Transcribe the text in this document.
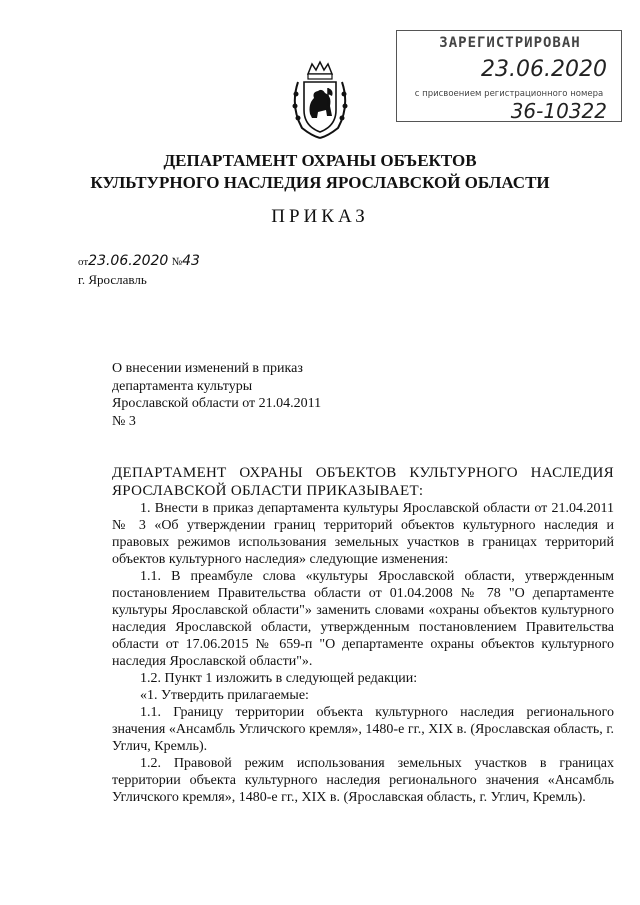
ЗАРЕГИСТРИРОВАН
23.06.2020
с присвоением регистрационного номера
36-10322
ДЕПАРТАМЕНТ ОХРАНЫ ОБЪЕКТОВ
КУЛЬТУРНОГО НАСЛЕДИЯ ЯРОСЛАВСКОЙ ОБЛАСТИ
ПРИКАЗ
от23.06.2020 №43
г. Ярославль
О внесении изменений в приказ
департамента культуры
Ярославской области от 21.04.2011
№ 3

ДЕПАРТАМЕНТ ОХРАНЫ ОБЪЕКТОВ КУЛЬТУРНОГО НАСЛЕДИЯ ЯРОСЛАВСКОЙ ОБЛАСТИ ПРИКАЗЫВАЕТ:

1. Внести в приказ департамента культуры Ярославской области от 21.04.2011 № 3 «Об утверждении границ территорий объектов культурного наследия и правовых режимов использования земельных участков в границах территорий объектов культурного наследия» следующие изменения:

1.1. В преамбуле слова «культуры Ярославской области, утвержденным постановлением Правительства области от 01.04.2008 № 78 "О департаменте культуры Ярославской области"» заменить словами «охраны объектов культурного наследия Ярославской области, утвержденным постановлением Правительства области от 17.06.2015 № 659-п "О департаменте охраны объектов культурного наследия Ярославской области"».

1.2. Пункт 1 изложить в следующей редакции:

«1. Утвердить прилагаемые:

1.1. Границу территории объекта культурного наследия регионального значения «Ансамбль Угличского кремля», 1480-е гг., XIX в. (Ярославская область, г. Углич, Кремль).

1.2. Правовой режим использования земельных участков в границах территории объекта культурного наследия регионального значения «Ансамбль Угличского кремля», 1480-е гг., XIX в. (Ярославская область, г. Углич, Кремль).
